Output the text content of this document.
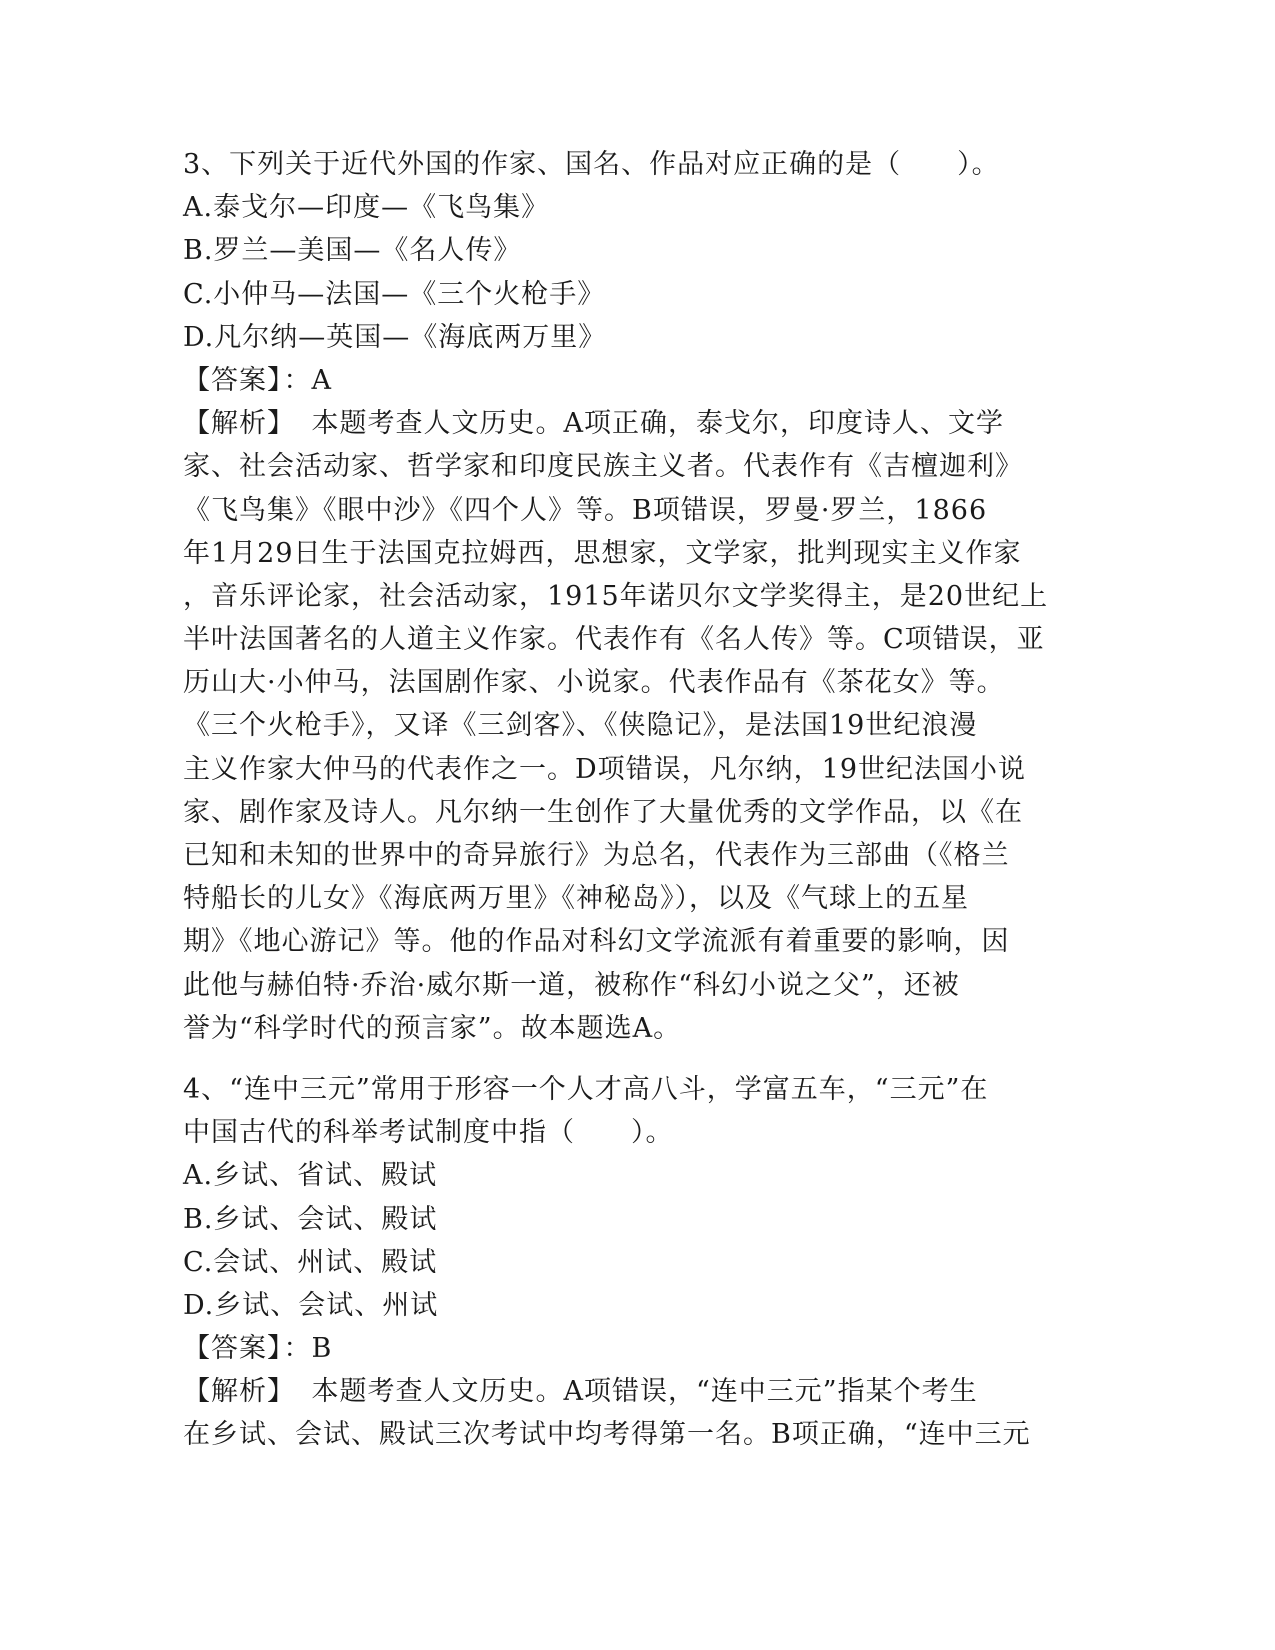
3、下列关于近代外国的作家、国名、作品对应正确的是（　　）。
A.泰戈尔—印度—《飞鸟集》
B.罗兰—美国—《名人传》
C.小仲马—法国—《三个火枪手》
D.凡尔纳—英国—《海底两万里》
【答案】：A
【解析】　本题考查人文历史。A项正确，泰戈尔，印度诗人、文学
家、社会活动家、哲学家和印度民族主义者。代表作有《吉檀迦利》
《飞鸟集》《眼中沙》《四个人》等。B项错误，罗曼·罗兰，1866
年1月29日生于法国克拉姆西，思想家，文学家，批判现实主义作家
，音乐评论家，社会活动家，1915年诺贝尔文学奖得主，是20世纪上
半叶法国著名的人道主义作家。代表作有《名人传》等。C项错误，亚
历山大·小仲马，法国剧作家、小说家。代表作品有《茶花女》等。
《三个火枪手》，又译《三剑客》、《侠隐记》，是法国19世纪浪漫
主义作家大仲马的代表作之一。D项错误，凡尔纳，19世纪法国小说
家、剧作家及诗人。凡尔纳一生创作了大量优秀的文学作品，以《在
已知和未知的世界中的奇异旅行》为总名，代表作为三部曲（《格兰
特船长的儿女》《海底两万里》《神秘岛》），以及《气球上的五星
期》《地心游记》等。他的作品对科幻文学流派有着重要的影响，因
此他与赫伯特·乔治·威尔斯一道，被称作“科幻小说之父”，还被
誉为“科学时代的预言家”。故本题选A。
4、“连中三元”常用于形容一个人才高八斗，学富五车，“三元”在
中国古代的科举考试制度中指（　　）。
A.乡试、省试、殿试
B.乡试、会试、殿试
C.会试、州试、殿试
D.乡试、会试、州试
【答案】：B
【解析】　本题考查人文历史。A项错误，“连中三元”指某个考生
在乡试、会试、殿试三次考试中均考得第一名。B项正确，“连中三元
